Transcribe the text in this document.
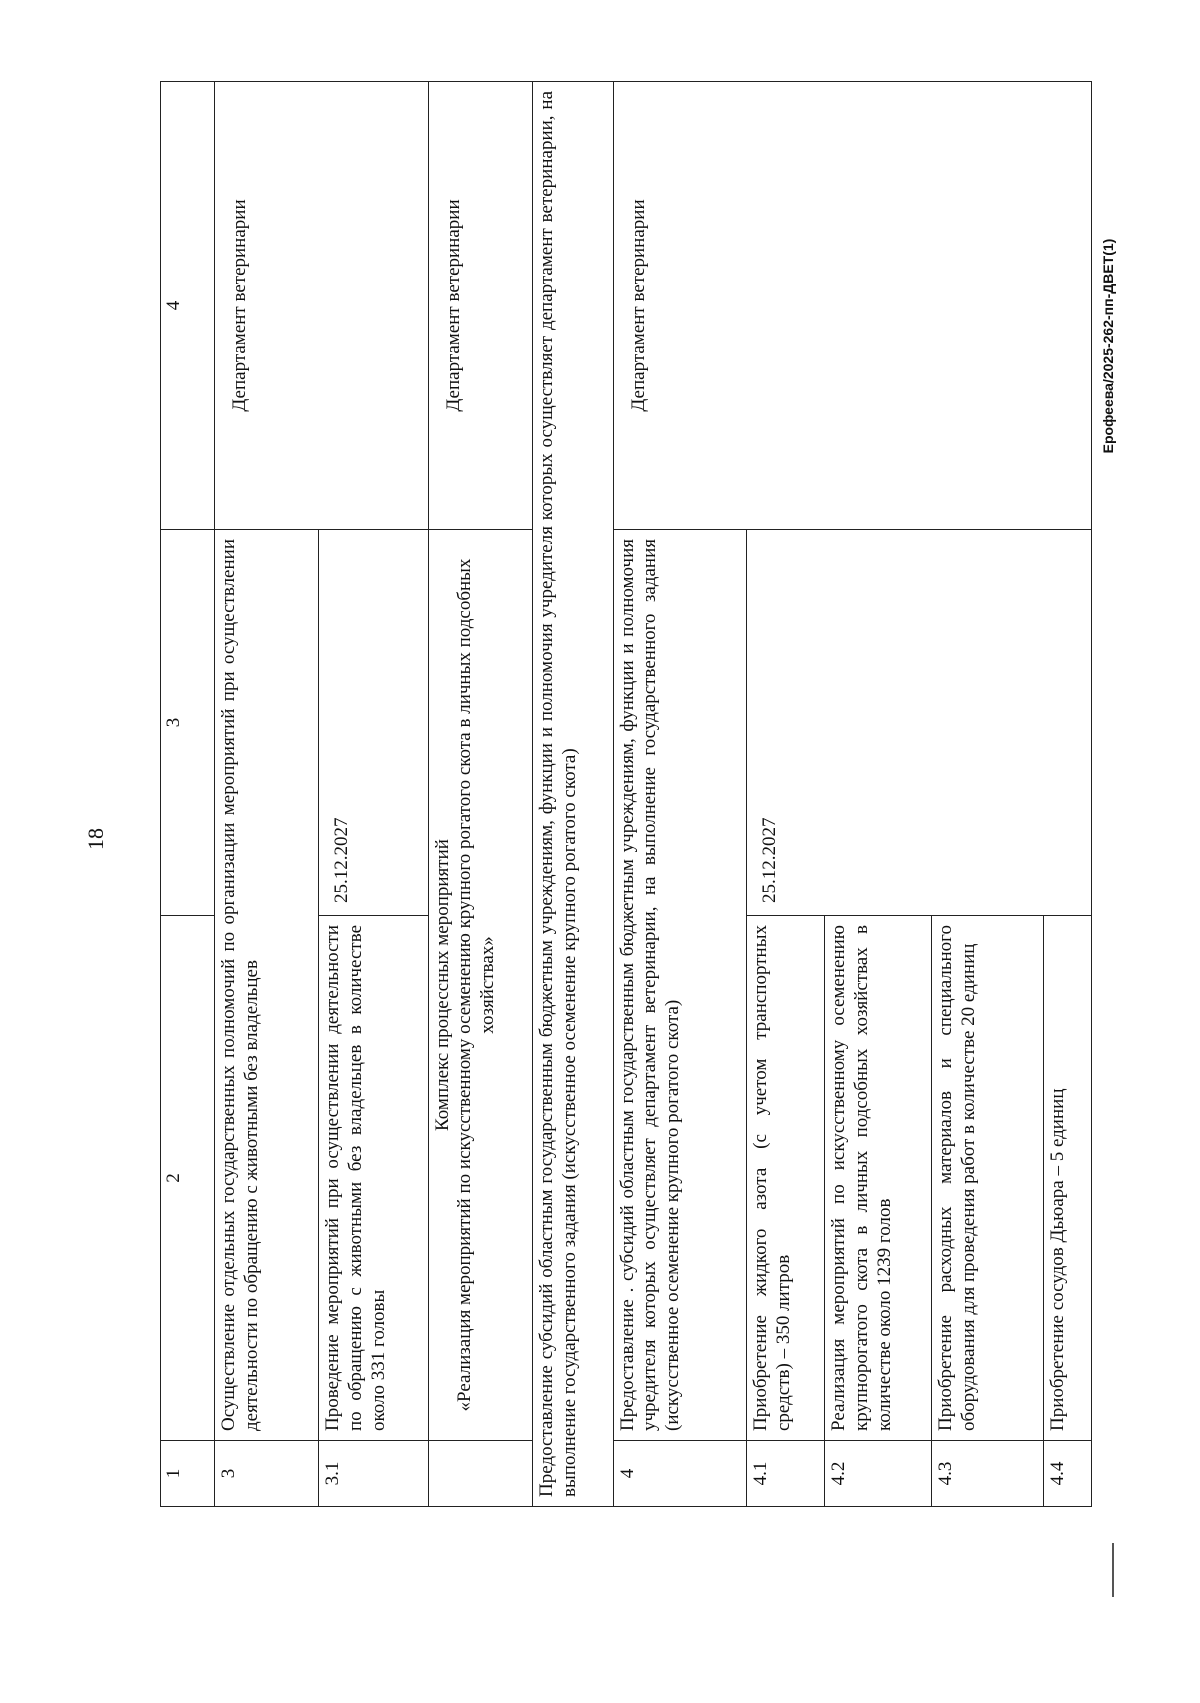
18
1	2	3	4
3	Осуществление отдельных государственных полномочий по организации мероприятий при осуществлении деятельности по обращению с животными без владельцев		Департамент ветеринарии
3.1	Проведение мероприятий при осуществлении деятельности по обращению с животными без владельцев в количестве около 331 головы	25.12.2027	

	Комплекс процессных мероприятий «Реализация мероприятий по искусственному осеменению крупного рогатого скота в личных подсобных хозяйствах»		Департамент ветеринарии
Предоставление субсидий областным государственным бюджетным учреждениям, функции и полномочия учредителя которых осуществляет департамент ветеринарии, на выполнение государственного задания (искусственное осеменение крупного рогатого скота)			
4	Предоставление . субсидий областным государственным бюджетным учреждениям, функции и полномочия учредителя которых осуществляет департамент ветеринарии, на выполнение государственного задания (искусственное осеменение крупного рогатого скота)		Департамент ветеринарии
4.1	Приобретение жидкого азота (с учетом транспортных средств) – 350 литров	25.12.2027	
4.2	Реализация мероприятий по искусственному осеменению крупнорогатого скота в личных подсобных хозяйствах в количестве около 1239 голов		
4.3	Приобретение расходных материалов и специального оборудования для проведения работ в количестве 20 единиц		
4.4	Приобретение сосудов Дьюара – 5 единиц		
Ерофеева/2025-262-пп-ДВЕТ(1)
